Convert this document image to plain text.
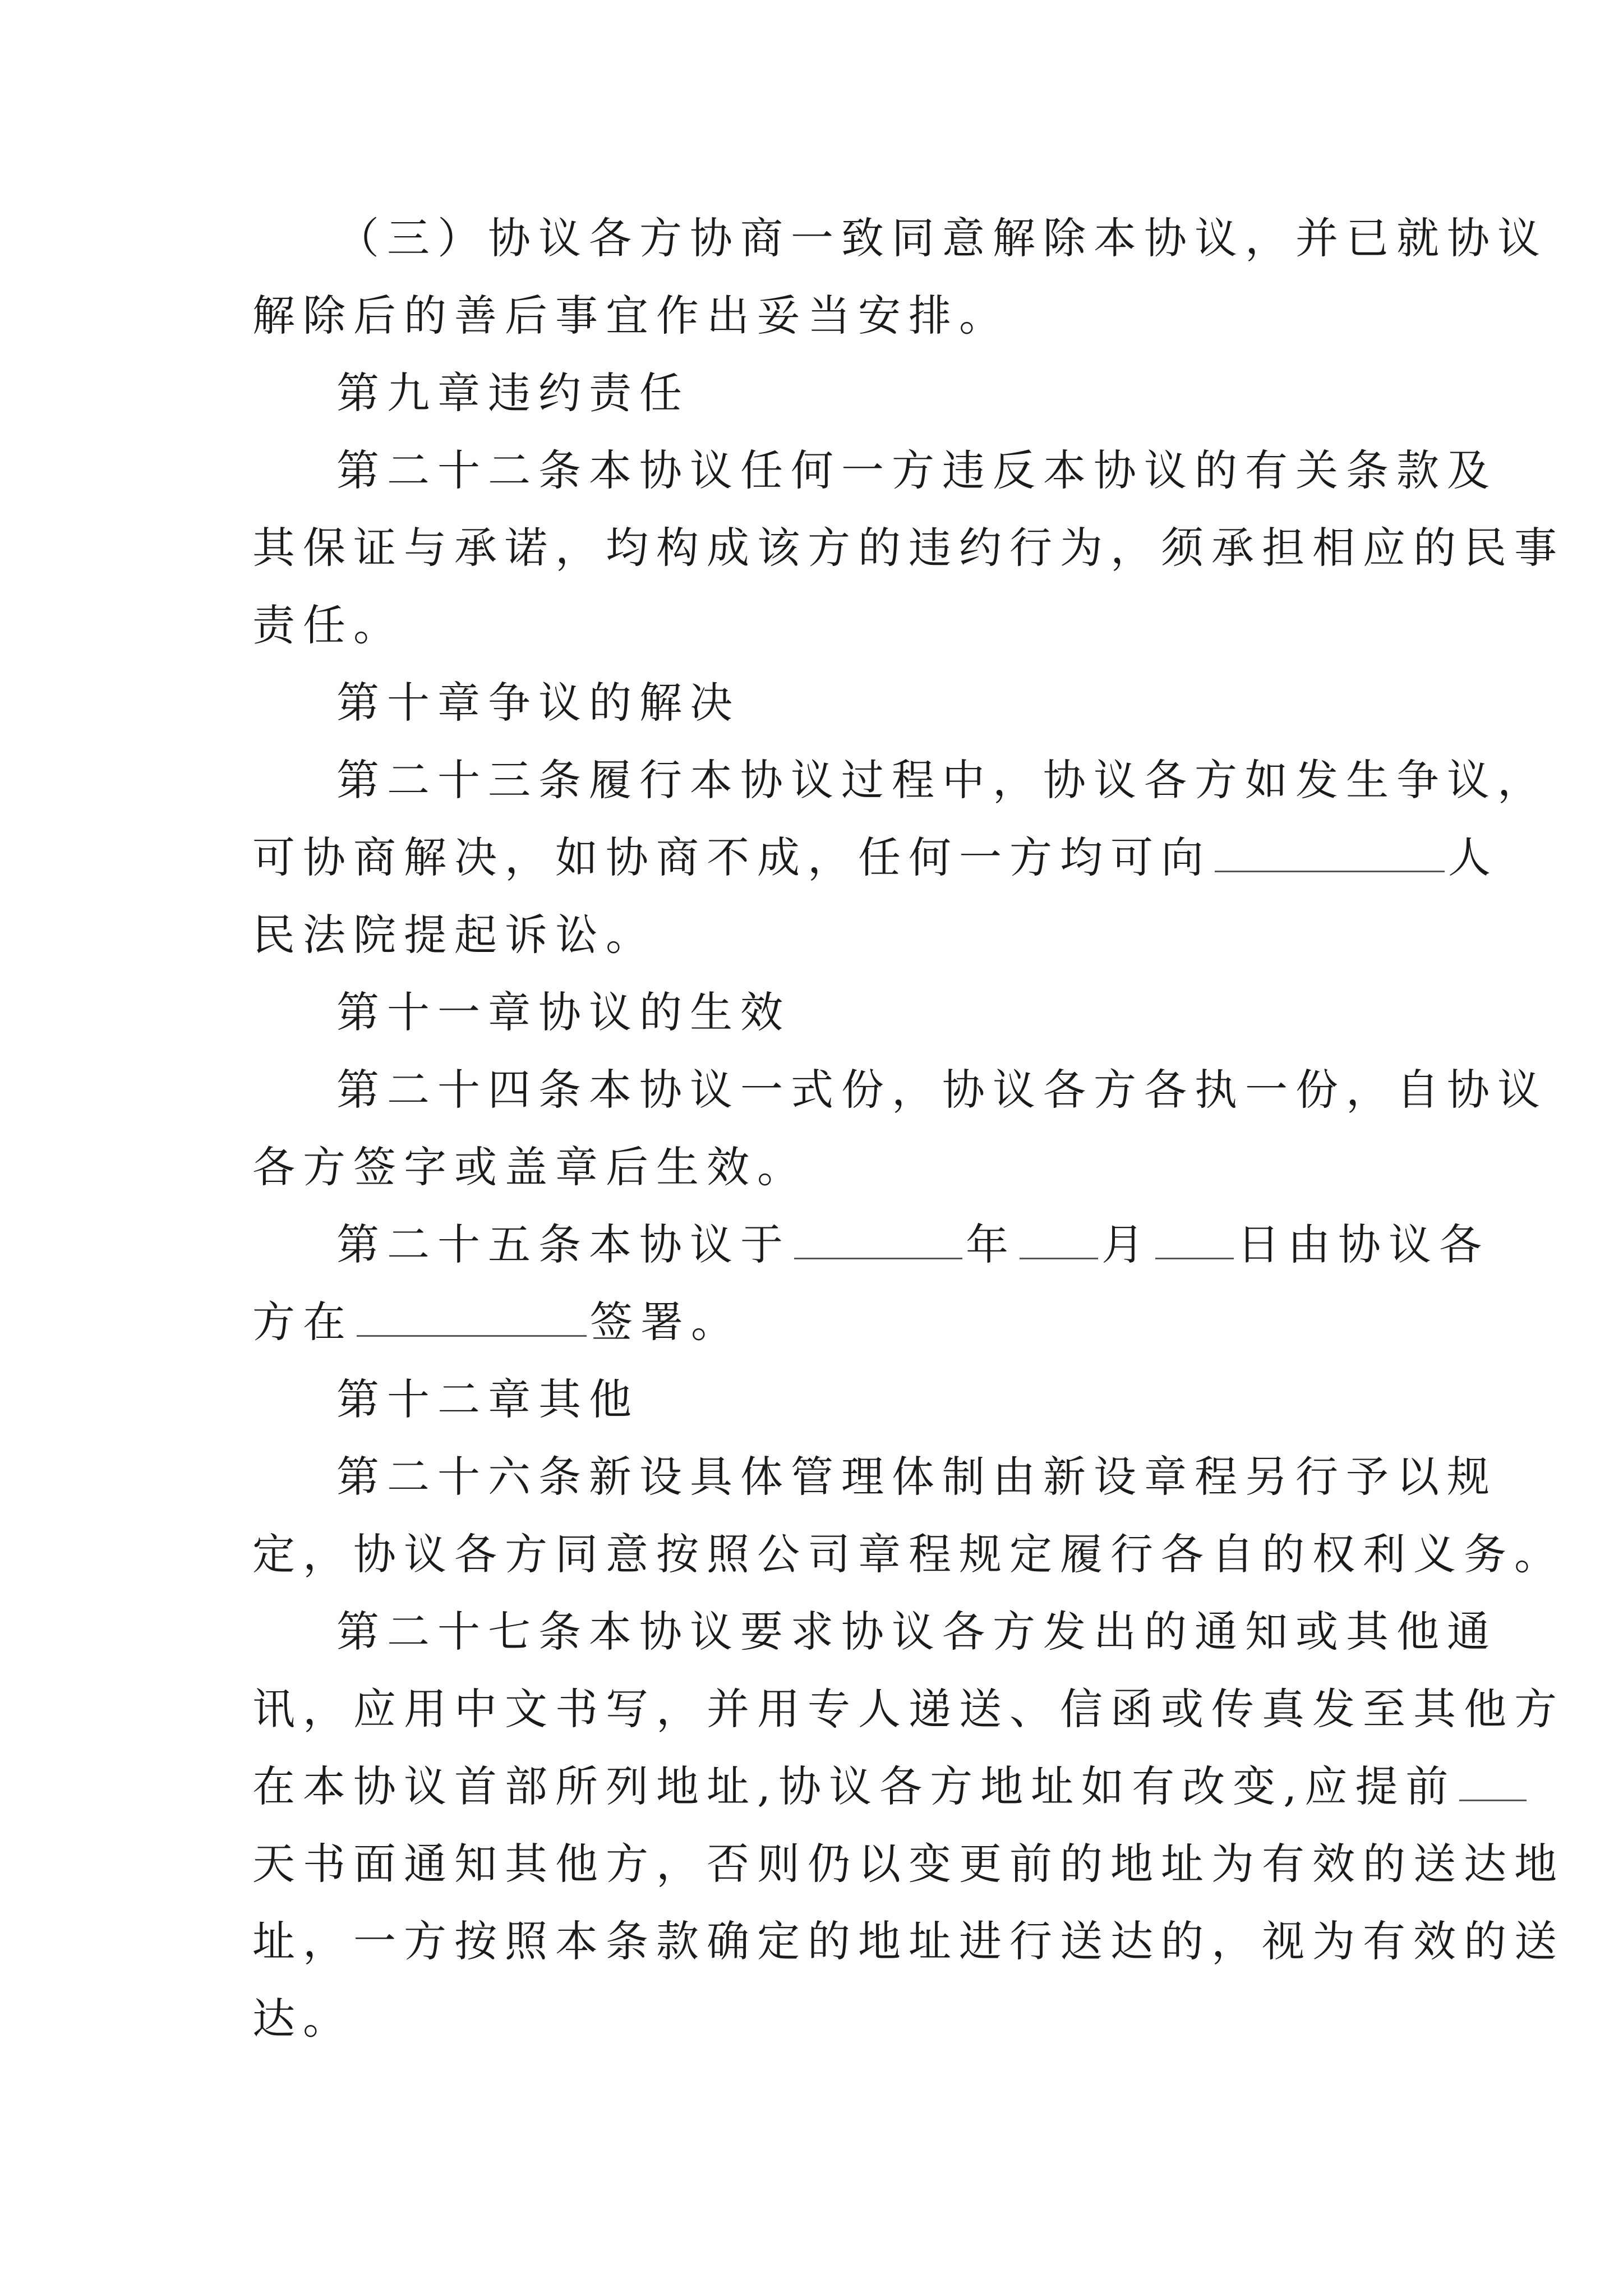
（三）协议各方协商一致同意解除本协议，并已就协议
解除后的善后事宜作出妥当安排。
第九章违约责任
第二十二条本协议任何一方违反本协议的有关条款及
其保证与承诺，均构成该方的违约行为，须承担相应的民事
责任。
第十章争议的解决
第二十三条履行本协议过程中，协议各方如发生争议，
可协商解决，如协商不成，任何一方均可向	人
民法院提起诉讼。
第十一章协议的生效
第二十四条本协议一式份，协议各方各执一份，自协议
各方签字或盖章后生效。
第二十五条本协议于	年 月 日由协议各
方在	签署。
第十二章其他
第二十六条新设具体管理体制由新设章程另行予以规
定，协议各方同意按照公司章程规定履行各自的权利义务。
第二十七条本协议要求协议各方发出的通知或其他通
讯，应用中文书写，并用专人递送、信函或传真发至其他方
在本协议首部所列地址,协议各方地址如有改变,应提前
天书面通知其他方，否则仍以变更前的地址为有效的送达地
址，一方按照本条款确定的地址进行送达的，视为有效的送
达。
